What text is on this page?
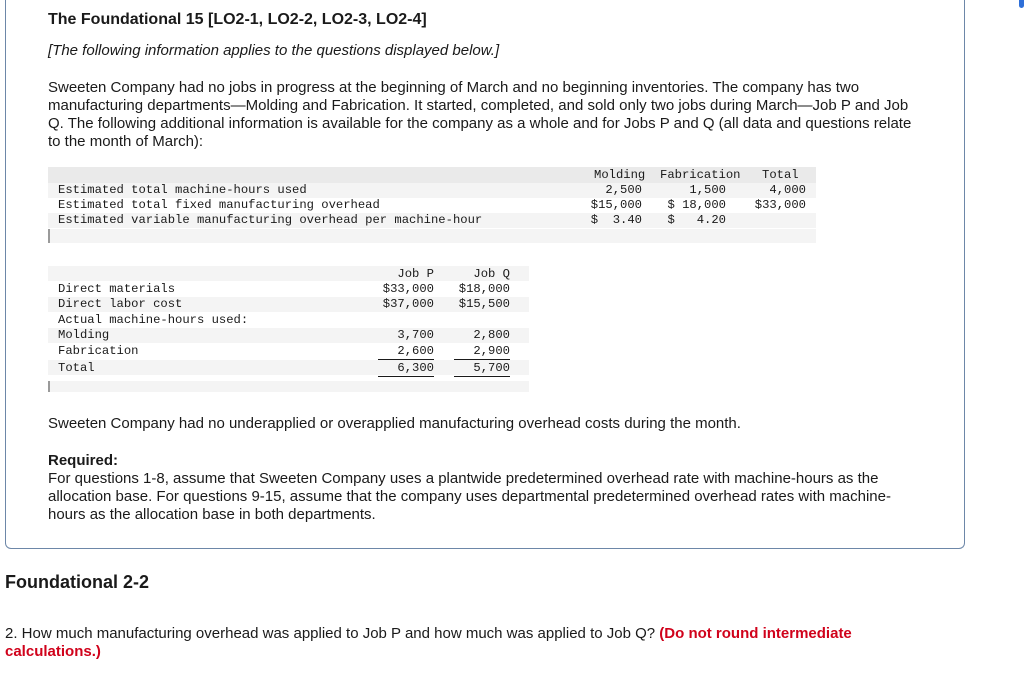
The Foundational 15 [LO2-1, LO2-2, LO2-3, LO2-4]
[The following information applies to the questions displayed below.]
Sweeten Company had no jobs in progress at the beginning of March and no beginning inventories. The company has two manufacturing departments—Molding and Fabrication. It started, completed, and sold only two jobs during March—Job P and Job Q. The following additional information is available for the company as a whole and for Jobs P and Q (all data and questions relate to the month of March):
Molding Fabrication Total
Estimated total machine-hours used	2,500	1,500	4,000
Estimated total fixed manufacturing overhead	$15,000	$ 18,000	$33,000
Estimated variable manufacturing overhead per machine-hour	$  3.40	$   4.20
Job P	Job Q
Direct materials	$33,000	$18,000
Direct labor cost	$37,000	$15,500
Actual machine-hours used:
Molding	3,700	2,800
Fabrication	2,600	2,900
Total	6,300	5,700
Sweeten Company had no underapplied or overapplied manufacturing overhead costs during the month.
Required:
For questions 1-8, assume that Sweeten Company uses a plantwide predetermined overhead rate with machine-hours as the allocation base. For questions 9-15, assume that the company uses departmental predetermined overhead rates with machine-hours as the allocation base in both departments.
Foundational 2-2
2. How much manufacturing overhead was applied to Job P and how much was applied to Job Q? (Do not round intermediate calculations.)
